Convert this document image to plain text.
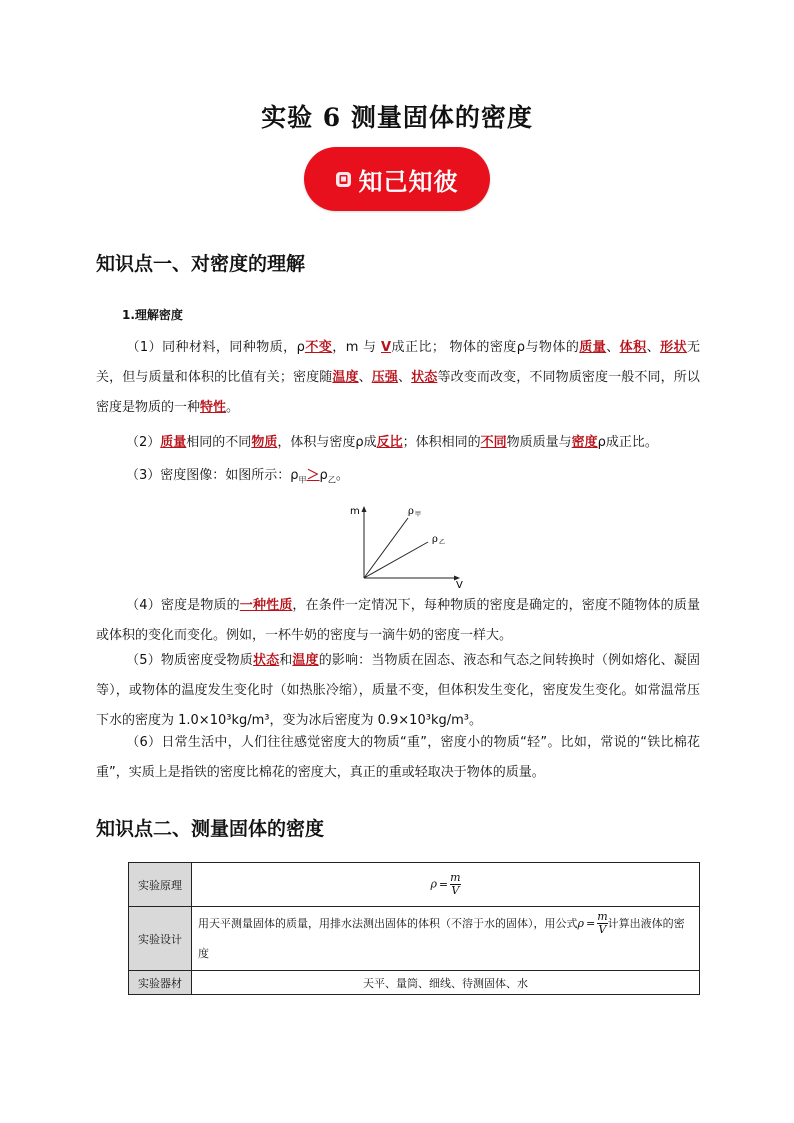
实验 6 测量固体的密度
知己知彼
知识点一、对密度的理解
1.理解密度
（1）同种材料，同种物质，ρ不变，m 与 V成正比； 物体的密度ρ与物体的质量、体积、形状无关，但与质量和体积的比值有关；密度随温度、压强、状态等改变而改变，不同物质密度一般不同，所以密度是物质的一种特性。
（2）质量相同的不同物质，体积与密度ρ成反比；体积相同的不同物质质量与密度ρ成正比。
（3）密度图像：如图所示：$\rho_甲>\rho_乙$。
m
V
ρ 甲
ρ 乙
（4）密度是物质的一种性质，在条件一定情况下，每种物质的密度是确定的，密度不随物体的质量或体积的变化而变化。例如，一杯牛奶的密度与一滴牛奶的密度一样大。
（5）物质密度受物质状态和温度的影响：当物质在固态、液态和气态之间转换时（例如熔化、凝固等），或物体的温度发生变化时（如热胀冷缩），质量不变，但体积发生变化，密度发生变化。如常温常压下水的密度为 1.0×10³kg/m³，变为冰后密度为 0.9×10³kg/m³。
（6）日常生活中，人们往往感觉密度大的物质“重”，密度小的物质“轻”。比如，常说的“铁比棉花重”，实质上是指铁的密度比棉花的密度大，真正的重或轻取决于物体的质量。
知识点二、测量固体的密度
实验原理	$\rho = \frac{m}{V}$

实验设计	用天平测量固体的质量，用排水法测出固体的体积（不溶于水的固体），用公式$\rho = \frac{m}{V}$ 计算出液体的密度
实验器材	天平、量筒、细线、待测固体、水
